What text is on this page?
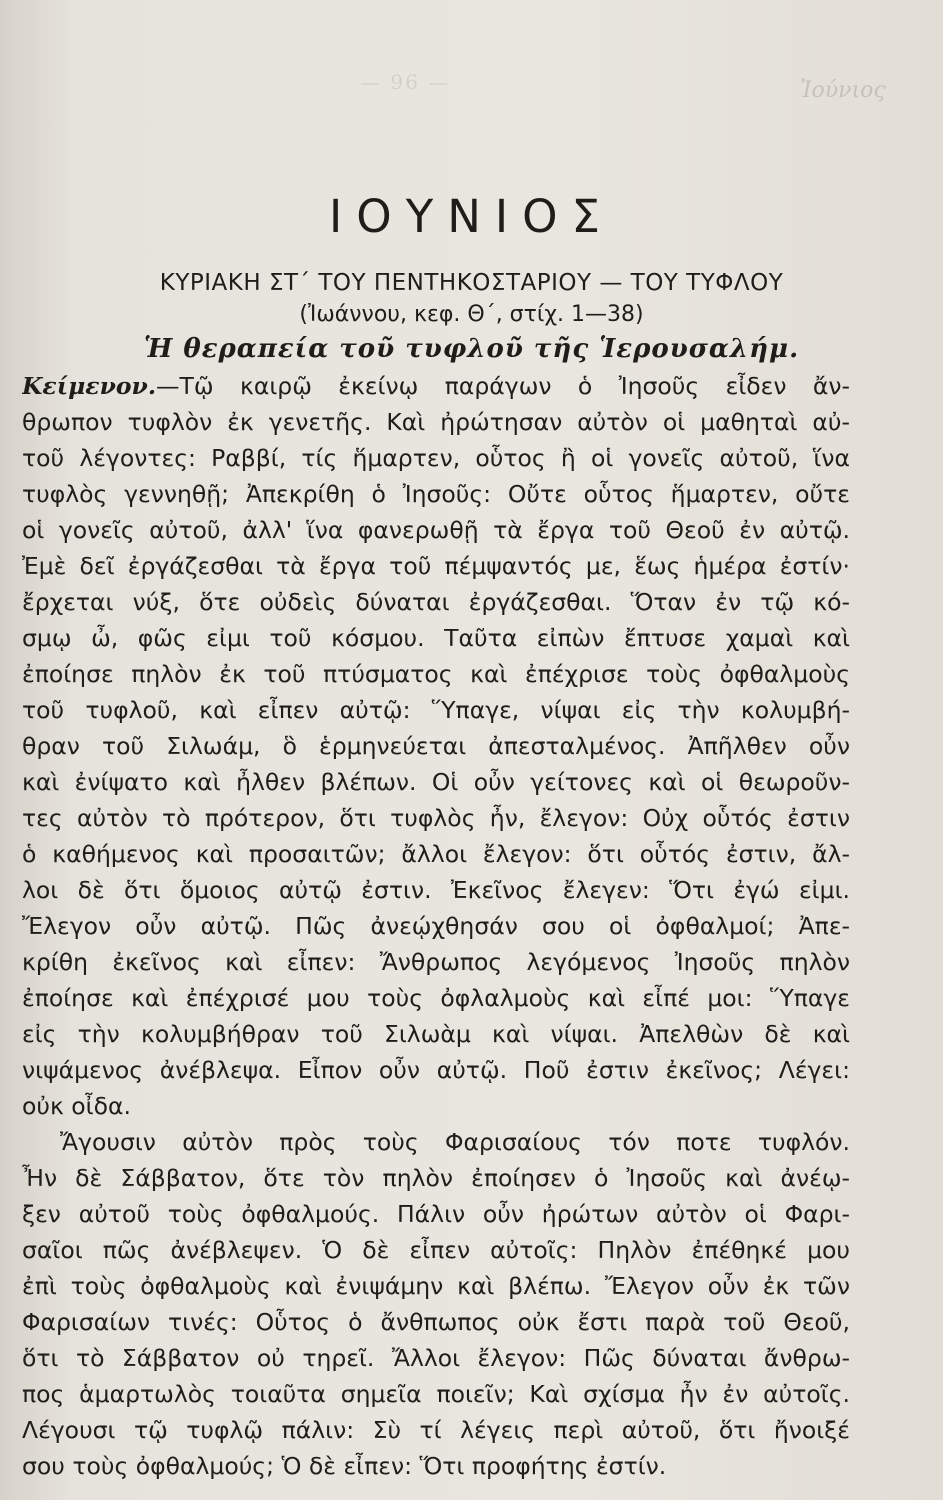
— 96 —	Ἰούνιος
ΙΟΥΝΙΟΣ
ΚΥΡΙΑΚΗ ΣΤ΄ ΤΟΥ ΠΕΝΤΗΚΟΣΤΑΡΙΟΥ — ΤΟΥ ΤΥΦΛΟΥ
(Ἰωάννου, κεφ. Θ΄, στίχ. 1—38)
Ἡ θεραπεία τοῦ τυφλοῦ τῆς Ἱερουσαλήμ.
Κείμενον.—Τῷ καιρῷ ἐκείνῳ παράγων ὁ Ἰησοῦς εἶδεν ἄν-
θρωπον τυφλὸν ἐκ γενετῆς. Καὶ ἠρώτησαν αὐτὸν οἱ μαθηταὶ αὐ-
τοῦ λέγοντες: Ραββί, τίς ἥμαρτεν, οὗτος ἢ οἱ γονεῖς αὐτοῦ, ἵνα
τυφλὸς γεννηθῇ; Ἀπεκρίθη ὁ Ἰησοῦς: Οὔτε οὗτος ἥμαρτεν, οὔτε
οἱ γονεῖς αὐτοῦ, ἀλλ' ἵνα φανερωθῇ τὰ ἔργα τοῦ Θεοῦ ἐν αὐτῷ.
Ἐμὲ δεῖ ἐργάζεσθαι τὰ ἔργα τοῦ πέμψαντός με, ἕως ἡμέρα ἐστίν·
ἔρχεται νύξ, ὅτε οὐδεὶς δύναται ἐργάζεσθαι. Ὅταν ἐν τῷ κό-
σμῳ ὦ, φῶς εἰμι τοῦ κόσμου. Ταῦτα εἰπὼν ἔπτυσε χαμαὶ καὶ
ἐποίησε πηλὸν ἐκ τοῦ πτύσματος καὶ ἐπέχρισε τοὺς ὀφθαλμοὺς
τοῦ τυφλοῦ, καὶ εἶπεν αὐτῷ: Ὕπαγε, νίψαι εἰς τὴν κολυμβή-
θραν τοῦ Σιλωάμ, ὃ ἑρμηνεύεται ἀπεσταλμένος. Ἀπῆλθεν οὖν
καὶ ἐνίψατο καὶ ἦλθεν βλέπων. Οἱ οὖν γείτονες καὶ οἱ θεωροῦν-
τες αὐτὸν τὸ πρότερον, ὅτι τυφλὸς ἦν, ἔλεγον: Οὐχ οὗτός ἐστιν
ὁ καθήμενος καὶ προσαιτῶν; ἄλλοι ἔλεγον: ὅτι οὗτός ἐστιν, ἄλ-
λοι δὲ ὅτι ὅμοιος αὐτῷ ἐστιν. Ἐκεῖνος ἔλεγεν: Ὅτι ἐγώ εἰμι.
Ἔλεγον οὖν αὐτῷ. Πῶς ἀνεῴχθησάν σου οἱ ὀφθαλμοί; Ἀπε-
κρίθη ἐκεῖνος καὶ εἶπεν: Ἄνθρωπος λεγόμενος Ἰησοῦς πηλὸν
ἐποίησε καὶ ἐπέχρισέ μου τοὺς ὀφλαλμοὺς καὶ εἶπέ μοι: Ὕπαγε
εἰς τὴν κολυμβήθραν τοῦ Σιλωὰμ καὶ νίψαι. Ἀπελθὼν δὲ καὶ
νιψάμενος ἀνέβλεψα. Εἶπον οὖν αὐτῷ. Ποῦ ἐστιν ἐκεῖνος; Λέγει:
οὐκ οἶδα.
Ἄγουσιν αὐτὸν πρὸς τοὺς Φαρισαίους τόν ποτε τυφλόν.
Ἦν δὲ Σάββατον, ὅτε τὸν πηλὸν ἐποίησεν ὁ Ἰησοῦς καὶ ἀνέῳ-
ξεν αὐτοῦ τοὺς ὀφθαλμούς. Πάλιν οὖν ἠρώτων αὐτὸν οἱ Φαρι-
σαῖοι πῶς ἀνέβλεψεν. Ὁ δὲ εἶπεν αὐτοῖς: Πηλὸν ἐπέθηκέ μου
ἐπὶ τοὺς ὀφθαλμοὺς καὶ ἐνιψάμην καὶ βλέπω. Ἔλεγον οὖν ἐκ τῶν
Φαρισαίων τινές: Οὗτος ὁ ἄνθπωπος οὐκ ἔστι παρὰ τοῦ Θεοῦ,
ὅτι τὸ Σάββατον οὐ τηρεῖ. Ἄλλοι ἔλεγον: Πῶς δύναται ἄνθρω-
πος ἁμαρτωλὸς τοιαῦτα σημεῖα ποιεῖν; Καὶ σχίσμα ἦν ἐν αὐτοῖς.
Λέγουσι τῷ τυφλῷ πάλιν: Σὺ τί λέγεις περὶ αὐτοῦ, ὅτι ἤνοιξέ
σου τοὺς ὀφθαλμούς; Ὁ δὲ εἶπεν: Ὅτι προφήτης ἐστίν.
